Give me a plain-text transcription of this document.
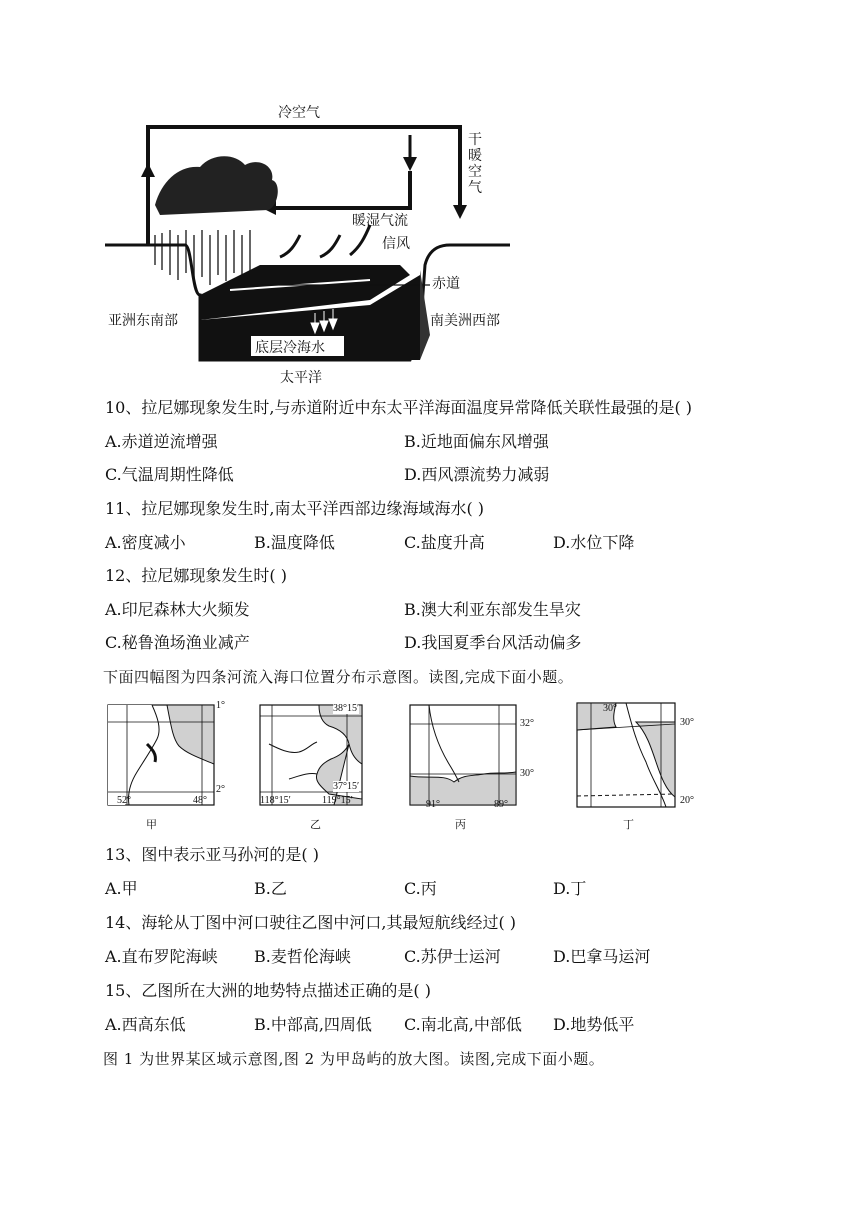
冷空气
干暖空气
暖湿气流
信风
赤道
亚洲东南部	南美洲西部
底层冷海水
太平洋
10、拉尼娜现象发生时,与赤道附近中东太平洋海面温度异常降低关联性最强的是( )
A.赤道逆流增强	B.近地面偏东风增强
C.气温周期性降低	D.西风漂流势力减弱
11、拉尼娜现象发生时,南太平洋西部边缘海域海水( )
A.密度减小	B.温度降低	C.盐度升高	D.水位下降
12、拉尼娜现象发生时( )
A.印尼森林大火频发	B.澳大利亚东部发生旱灾
C.秘鲁渔场渔业减产	D.我国夏季台风活动偏多
下面四幅图为四条河流入海口位置分布示意图。读图,完成下面小题。
1°
2°
52°	48°
甲
38°15′
37°15′
118°15′	119°15′
乙
32°
30°
91°	89°
丙
30°
30°
20°
丁
13、图中表示亚马孙河的是( )
A.甲	B.乙	C.丙	D.丁
14、海轮从丁图中河口驶往乙图中河口,其最短航线经过( )
A.直布罗陀海峡 B.麦哲伦海峡	C.苏伊士运河	D.巴拿马运河
15、乙图所在大洲的地势特点描述正确的是( )
A.西高东低	B.中部高,四周低 C.南北高,中部低 D.地势低平
图 1 为世界某区域示意图,图 2 为甲岛屿的放大图。读图,完成下面小题。
